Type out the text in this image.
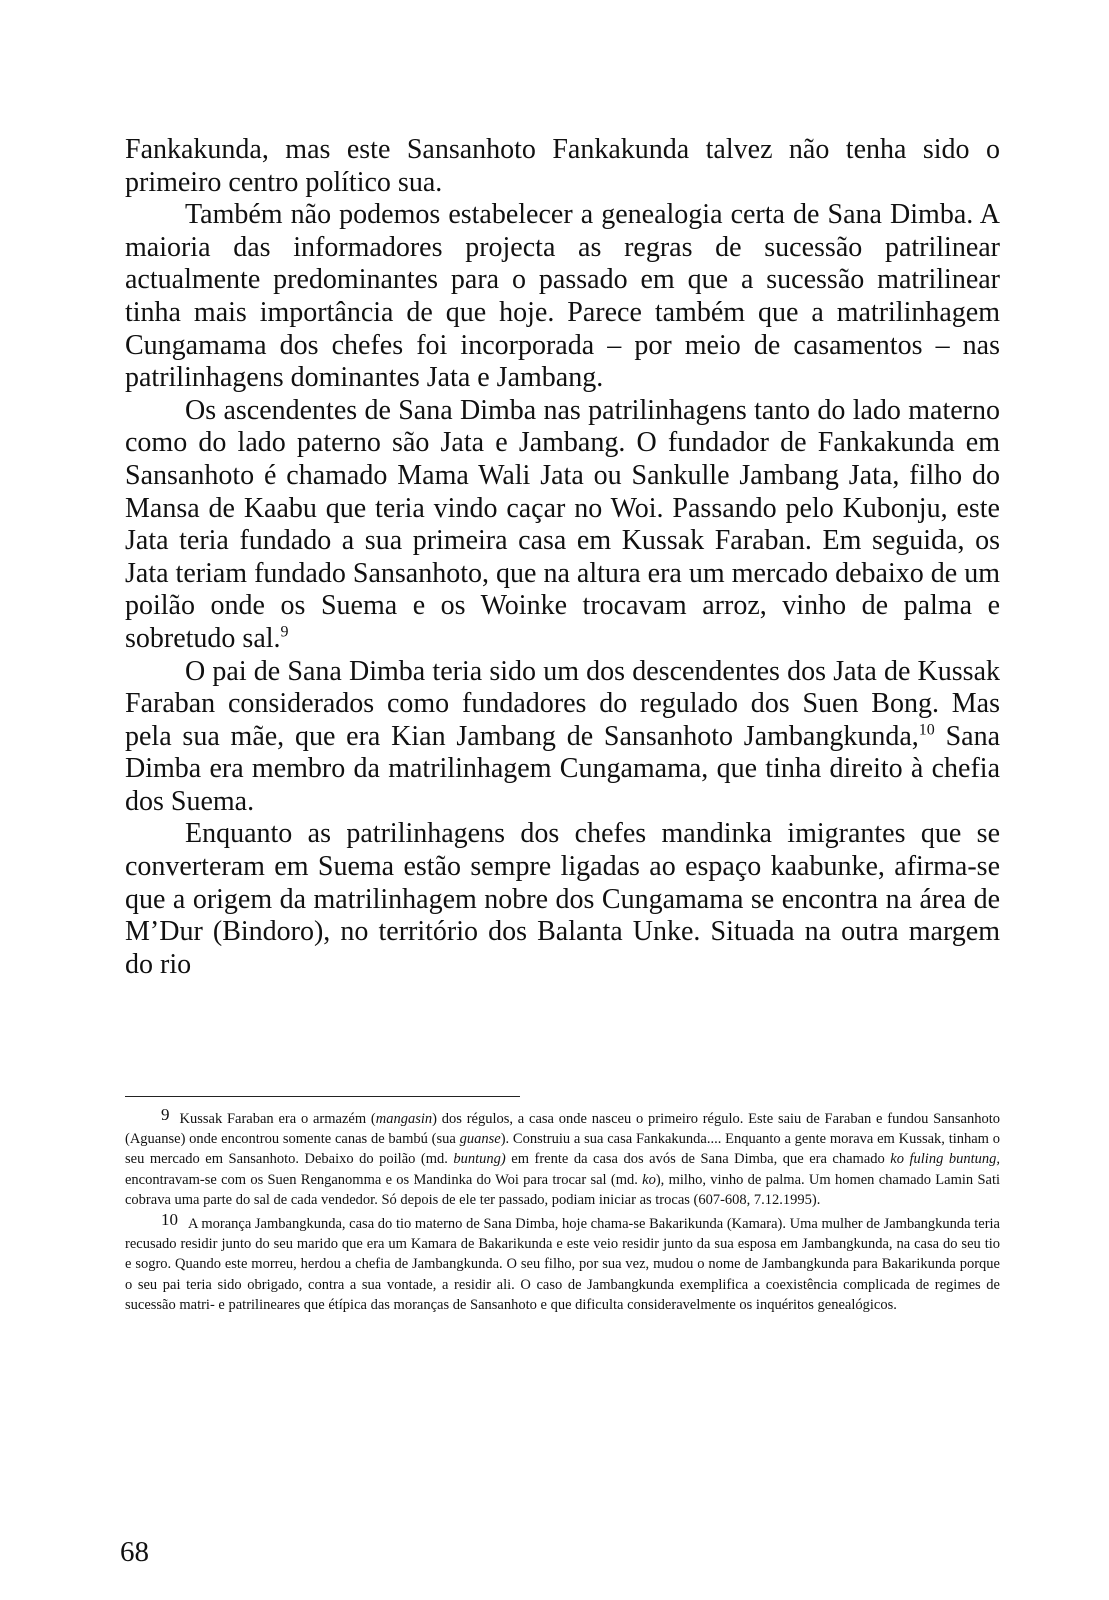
Fankakunda, mas este Sansanhoto Fankakunda talvez não tenha sido o primeiro centro político sua.

Também não podemos estabelecer a genealogia certa de Sana Dimba. A maioria das informadores projecta as regras de sucessão patrilinear actualmente predominantes para o passado em que a sucessão matrilinear tinha mais importância de que hoje. Parece também que a matrilinhagem Cungamama dos chefes foi incorporada – por meio de casamentos – nas patrilinhagens dominantes Jata e Jambang.

Os ascendentes de Sana Dimba nas patrilinhagens tanto do lado materno como do lado paterno são Jata e Jambang. O fundador de Fankakunda em Sansanhoto é chamado Mama Wali Jata ou Sankulle Jambang Jata, filho do Mansa de Kaabu que teria vindo caçar no Woi. Passando pelo Kubonju, este Jata teria fundado a sua primeira casa em Kussak Faraban. Em seguida, os Jata teriam fundado Sansanhoto, que na altura era um mercado debaixo de um poilão onde os Suema e os Woinke trocavam arroz, vinho de palma e sobretudo sal.$^9$

O pai de Sana Dimba teria sido um dos descendentes dos Jata de Kussak Faraban considerados como fundadores do regulado dos Suen Bong. Mas pela sua mãe, que era Kian Jambang de Sansanhoto Jambangkunda,$^{10}$ Sana Dimba era membro da matrilinhagem Cungamama, que tinha direito à chefia dos Suema.

Enquanto as patrilinhagens dos chefes mandinka imigrantes que se converteram em Suema estão sempre ligadas ao espaço kaabunke, afirma-se que a origem da matrilinhagem nobre dos Cungamama se encontra na área de M’Dur (Bindoro), no território dos Balanta Unke. Situada na outra margem do rio

9 Kussak Faraban era o armazém (mangasin) dos régulos, a casa onde nasceu o primeiro régulo. Este saiu de Faraban e fundou Sansanhoto (Aguanse) onde encontrou somente canas de bambú (sua guanse). Construiu a sua casa Fankakunda.... Enquanto a gente morava em Kussak, tinham o seu mercado em Sansanhoto. Debaixo do poilão (md. buntung) em frente da casa dos avós de Sana Dimba, que era chamado ko fuling buntung, encontravam-se com os Suen Renganomma e os Mandinka do Woi para trocar sal (md. ko), milho, vinho de palma. Um homen chamado Lamin Sati cobrava uma parte do sal de cada vendedor. Só depois de ele ter passado, podiam iniciar as trocas (607-608, 7.12.1995).

10 A morança Jambangkunda, casa do tio materno de Sana Dimba, hoje chama-se Bakarikunda (Kamara). Uma mulher de Jambangkunda teria recusado residir junto do seu marido que era um Kamara de Bakarikunda e este veio residir junto da sua esposa em Jambangkunda, na casa do seu tio e sogro. Quando este morreu, herdou a chefia de Jambangkunda. O seu filho, por sua vez, mudou o nome de Jambangkunda para Bakarikunda porque o seu pai teria sido obrigado, contra a sua vontade, a residir ali. O caso de Jambangkunda exemplifica a coexistência complicada de regimes de sucessão matri- e patrilineares que étípica das moranças de Sansanhoto e que dificulta consideravelmente os inquéritos genealógicos.

68
